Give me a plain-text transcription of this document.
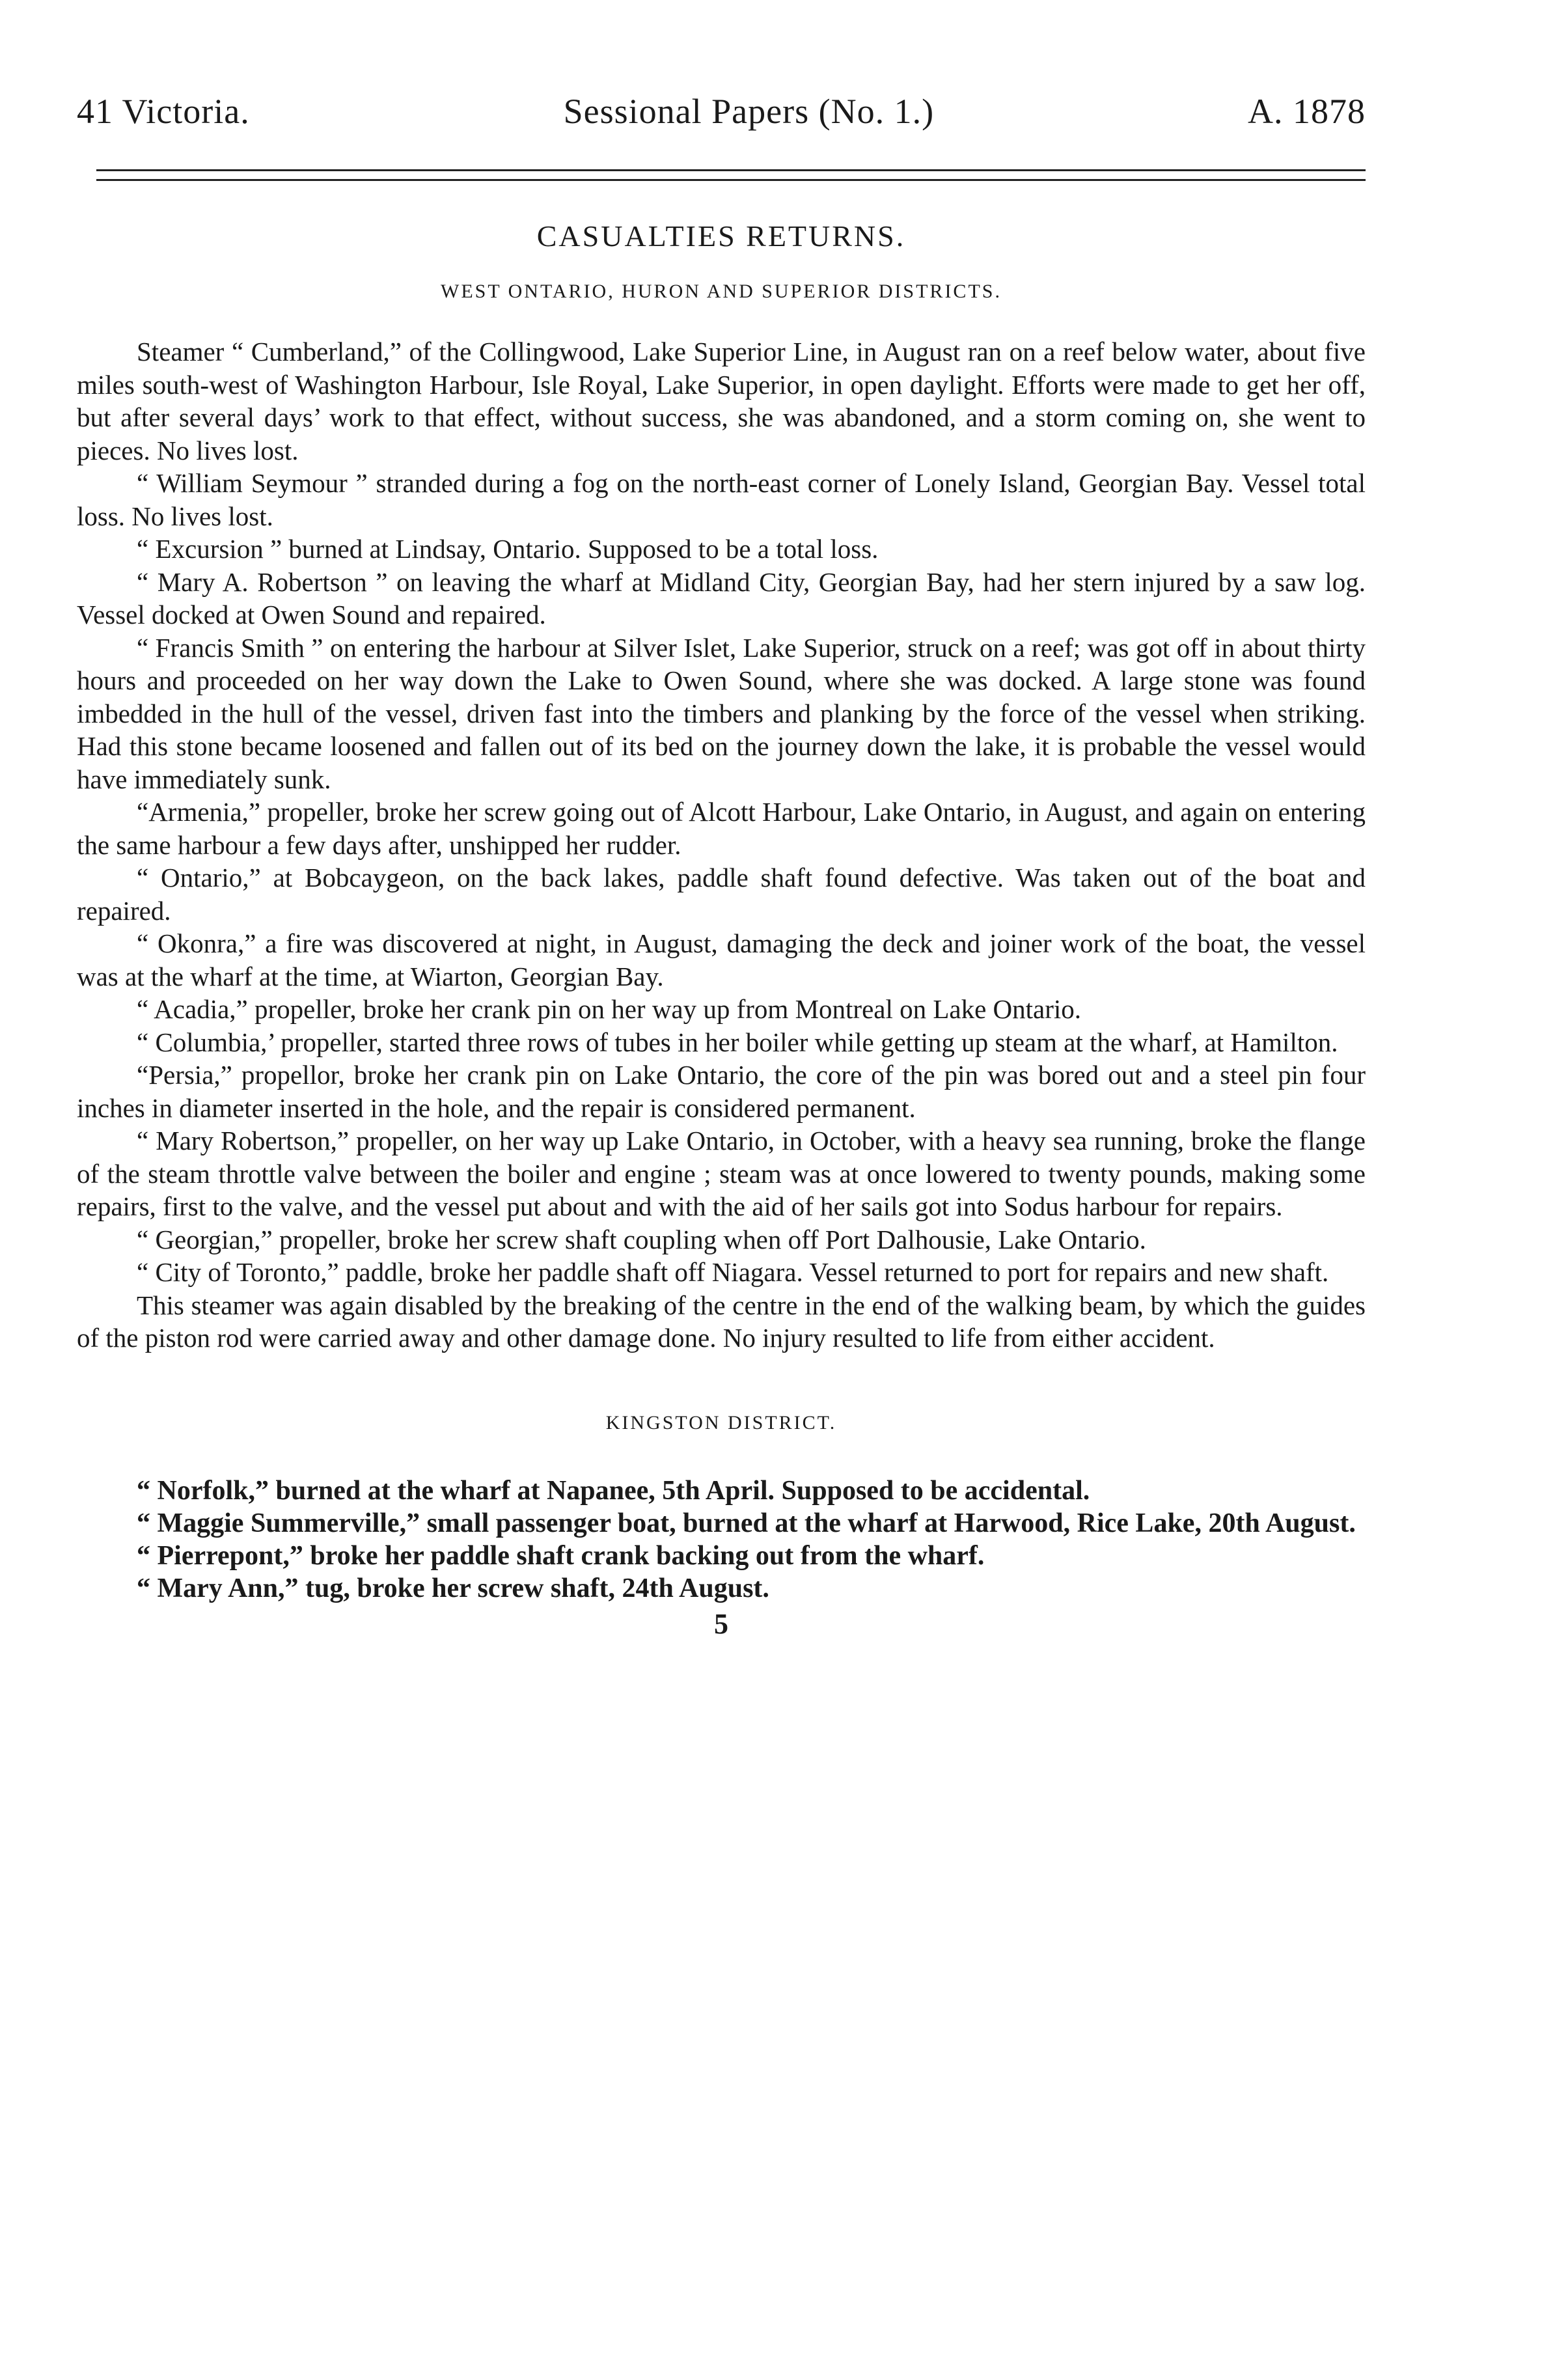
41 Victoria.	Sessional Papers (No. 1.)	A. 1878
CASUALTIES RETURNS.
WEST ONTARIO, HURON AND SUPERIOR DISTRICTS.

Steamer “ Cumberland,” of the Collingwood, Lake Superior Line, in August ran on a reef below water, about five miles south-west of Washington Harbour, Isle Royal, Lake Superior, in open daylight. Efforts were made to get her off, but after several days’ work to that effect, without success, she was abandoned, and a storm coming on, she went to pieces. No lives lost.

“ William Seymour ” stranded during a fog on the north-east corner of Lonely Island, Georgian Bay. Vessel total loss. No lives lost.

“ Excursion ” burned at Lindsay, Ontario. Supposed to be a total loss.

“ Mary A. Robertson ” on leaving the wharf at Midland City, Georgian Bay, had her stern injured by a saw log. Vessel docked at Owen Sound and repaired.

“ Francis Smith ” on entering the harbour at Silver Islet, Lake Superior, struck on a reef; was got off in about thirty hours and proceeded on her way down the Lake to Owen Sound, where she was docked. A large stone was found imbedded in the hull of the vessel, driven fast into the timbers and planking by the force of the vessel when striking. Had this stone became loosened and fallen out of its bed on the journey down the lake, it is probable the vessel would have immediately sunk.

“Armenia,” propeller, broke her screw going out of Alcott Harbour, Lake Ontario, in August, and again on entering the same harbour a few days after, unshipped her rudder.

“ Ontario,” at Bobcaygeon, on the back lakes, paddle shaft found defective. Was taken out of the boat and repaired.

“ Okonra,” a fire was discovered at night, in August, damaging the deck and joiner work of the boat, the vessel was at the wharf at the time, at Wiarton, Georgian Bay.

“ Acadia,” propeller, broke her crank pin on her way up from Montreal on Lake Ontario.

“ Columbia,’ propeller, started three rows of tubes in her boiler while getting up steam at the wharf, at Hamilton.

“Persia,” propellor, broke her crank pin on Lake Ontario, the core of the pin was bored out and a steel pin four inches in diameter inserted in the hole, and the repair is considered permanent.

“ Mary Robertson,” propeller, on her way up Lake Ontario, in October, with a heavy sea running, broke the flange of the steam throttle valve between the boiler and engine ; steam was at once lowered to twenty pounds, making some repairs, first to the valve, and the vessel put about and with the aid of her sails got into Sodus harbour for repairs.

“ Georgian,” propeller, broke her screw shaft coupling when off Port Dalhousie, Lake Ontario.

“ City of Toronto,” paddle, broke her paddle shaft off Niagara. Vessel returned to port for repairs and new shaft.

This steamer was again disabled by the breaking of the centre in the end of the walking beam, by which the guides of the piston rod were carried away and other damage done. No injury resulted to life from either accident.

KINGSTON DISTRICT.

“ Norfolk,” burned at the wharf at Napanee, 5th April. Supposed to be accidental.

“ Maggie Summerville,” small passenger boat, burned at the wharf at Harwood, Rice Lake, 20th August.

“ Pierrepont,” broke her paddle shaft crank backing out from the wharf.

“ Mary Ann,” tug, broke her screw shaft, 24th August.

5
